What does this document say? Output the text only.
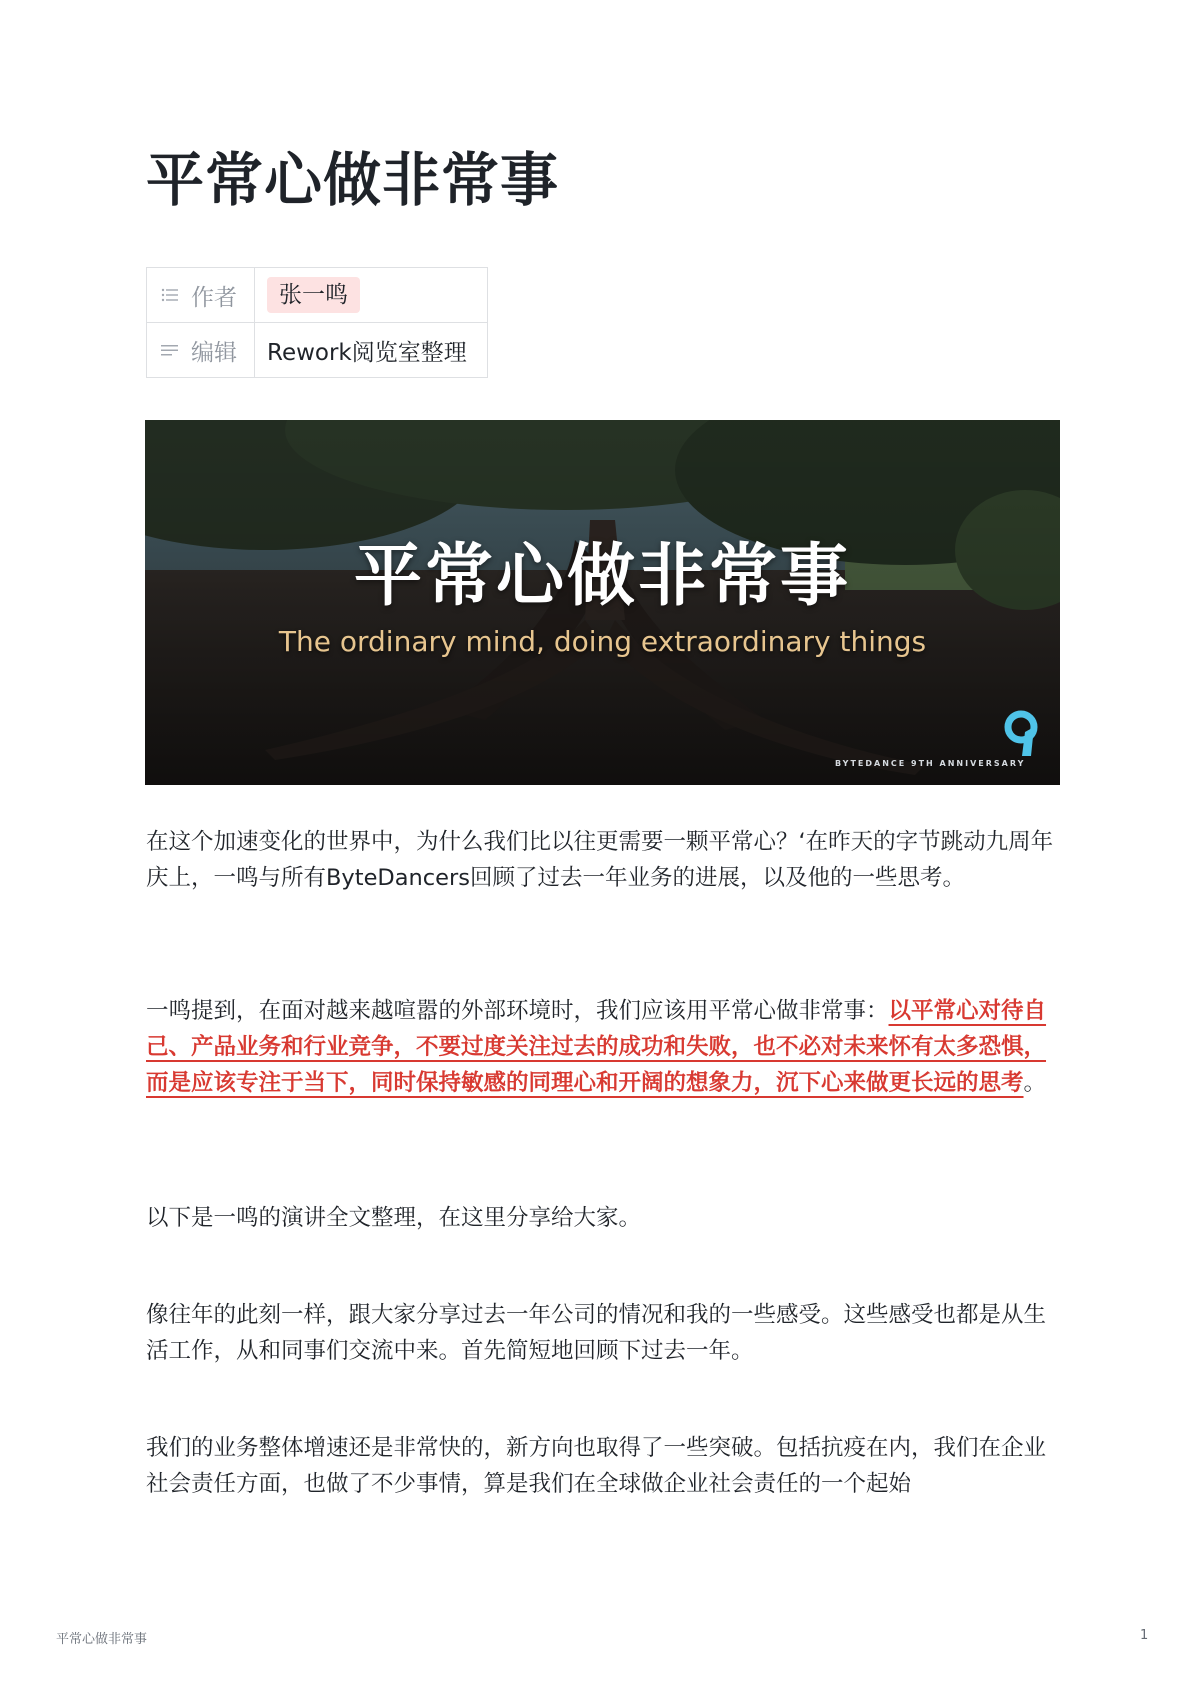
平常心做非常事
作者	张一鸣

编辑	Rework阅览室整理
平常心做非常事
The ordinary mind, doing extraordinary things
BYTEDANCE 9TH ANNIVERSARY

在这个加速变化的世界中，为什么我们比以往更需要一颗平常心？‘在昨天的字节跳动九周年庆上，一鸣与所有ByteDancers回顾了过去一年业务的进展，以及他的一些思考。

一鸣提到，在面对越来越喧嚣的外部环境时，我们应该用平常心做非常事：以平常心对待自己、产品业务和行业竞争，不要过度关注过去的成功和失败，也不必对未来怀有太多恐惧，而是应该专注于当下，同时保持敏感的同理心和开阔的想象力，沉下心来做更长远的思考。

以下是一鸣的演讲全文整理，在这里分享给大家。

像往年的此刻一样，跟大家分享过去一年公司的情况和我的一些感受。这些感受也都是从生活工作，从和同事们交流中来。首先简短地回顾下过去一年。

我们的业务整体增速还是非常快的，新方向也取得了一些突破。包括抗疫在内，我们在企业社会责任方面，也做了不少事情，算是我们在全球做企业社会责任的一个起始

平常心做非常事	1
